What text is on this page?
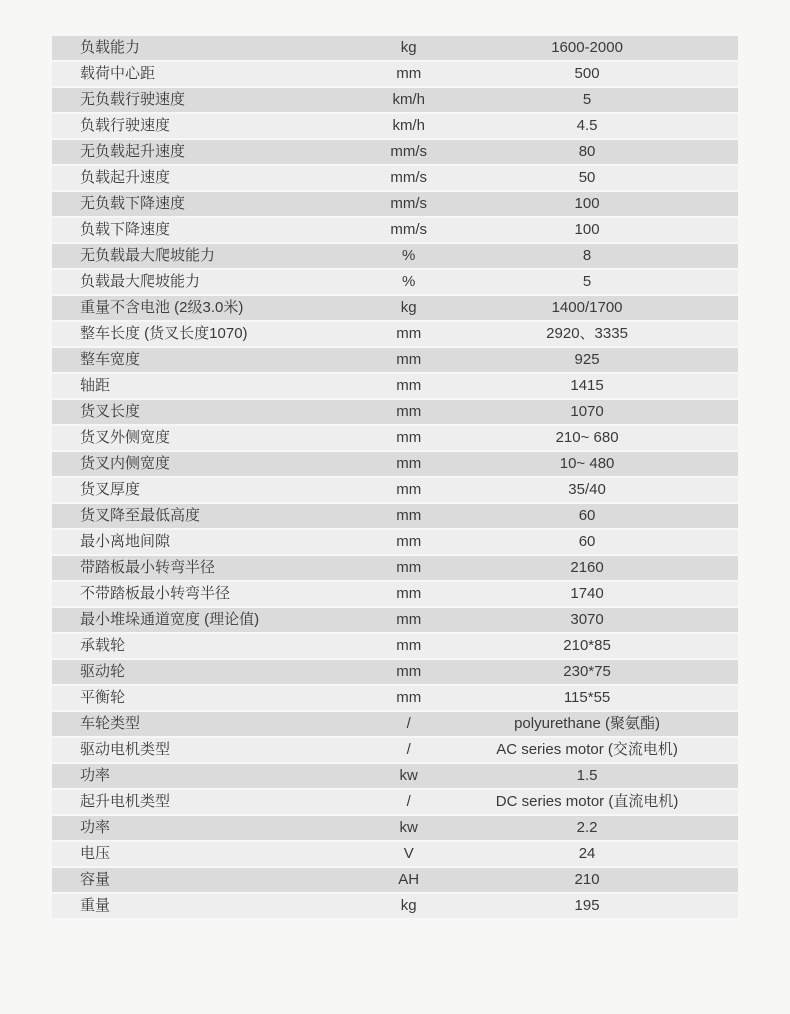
负载能力	kg	1600-2000
载荷中心距	mm	500
无负载行驶速度	km/h	5
负载行驶速度	km/h	4.5
无负载起升速度	mm/s	80
负载起升速度	mm/s	50
无负载下降速度	mm/s	100
负载下降速度	mm/s	100
无负载最大爬坡能力	%	8
负载最大爬坡能力	%	5
重量不含电池 (2级3.0米)	kg	1400/1700
整车长度 (货叉长度1070)	mm	2920、3335
整车宽度	mm	925
轴距	mm	1415
货叉长度	mm	1070
货叉外侧宽度	mm	210~ 680
货叉内侧宽度	mm	10~ 480
货叉厚度	mm	35/40
货叉降至最低高度	mm	60
最小离地间隙	mm	60
带踏板最小转弯半径	mm	2160
不带踏板最小转弯半径	mm	1740
最小堆垛通道宽度 (理论值)	mm	3070
承载轮	mm	210*85
驱动轮	mm	230*75
平衡轮	mm	115*55
车轮类型	/	polyurethane (聚氨酯)
驱动电机类型	/	AC series motor (交流电机)
功率	kw	1.5
起升电机类型	/	DC series motor (直流电机)
功率	kw	2.2
电压	V	24
容量	AH	210
重量	kg	195
